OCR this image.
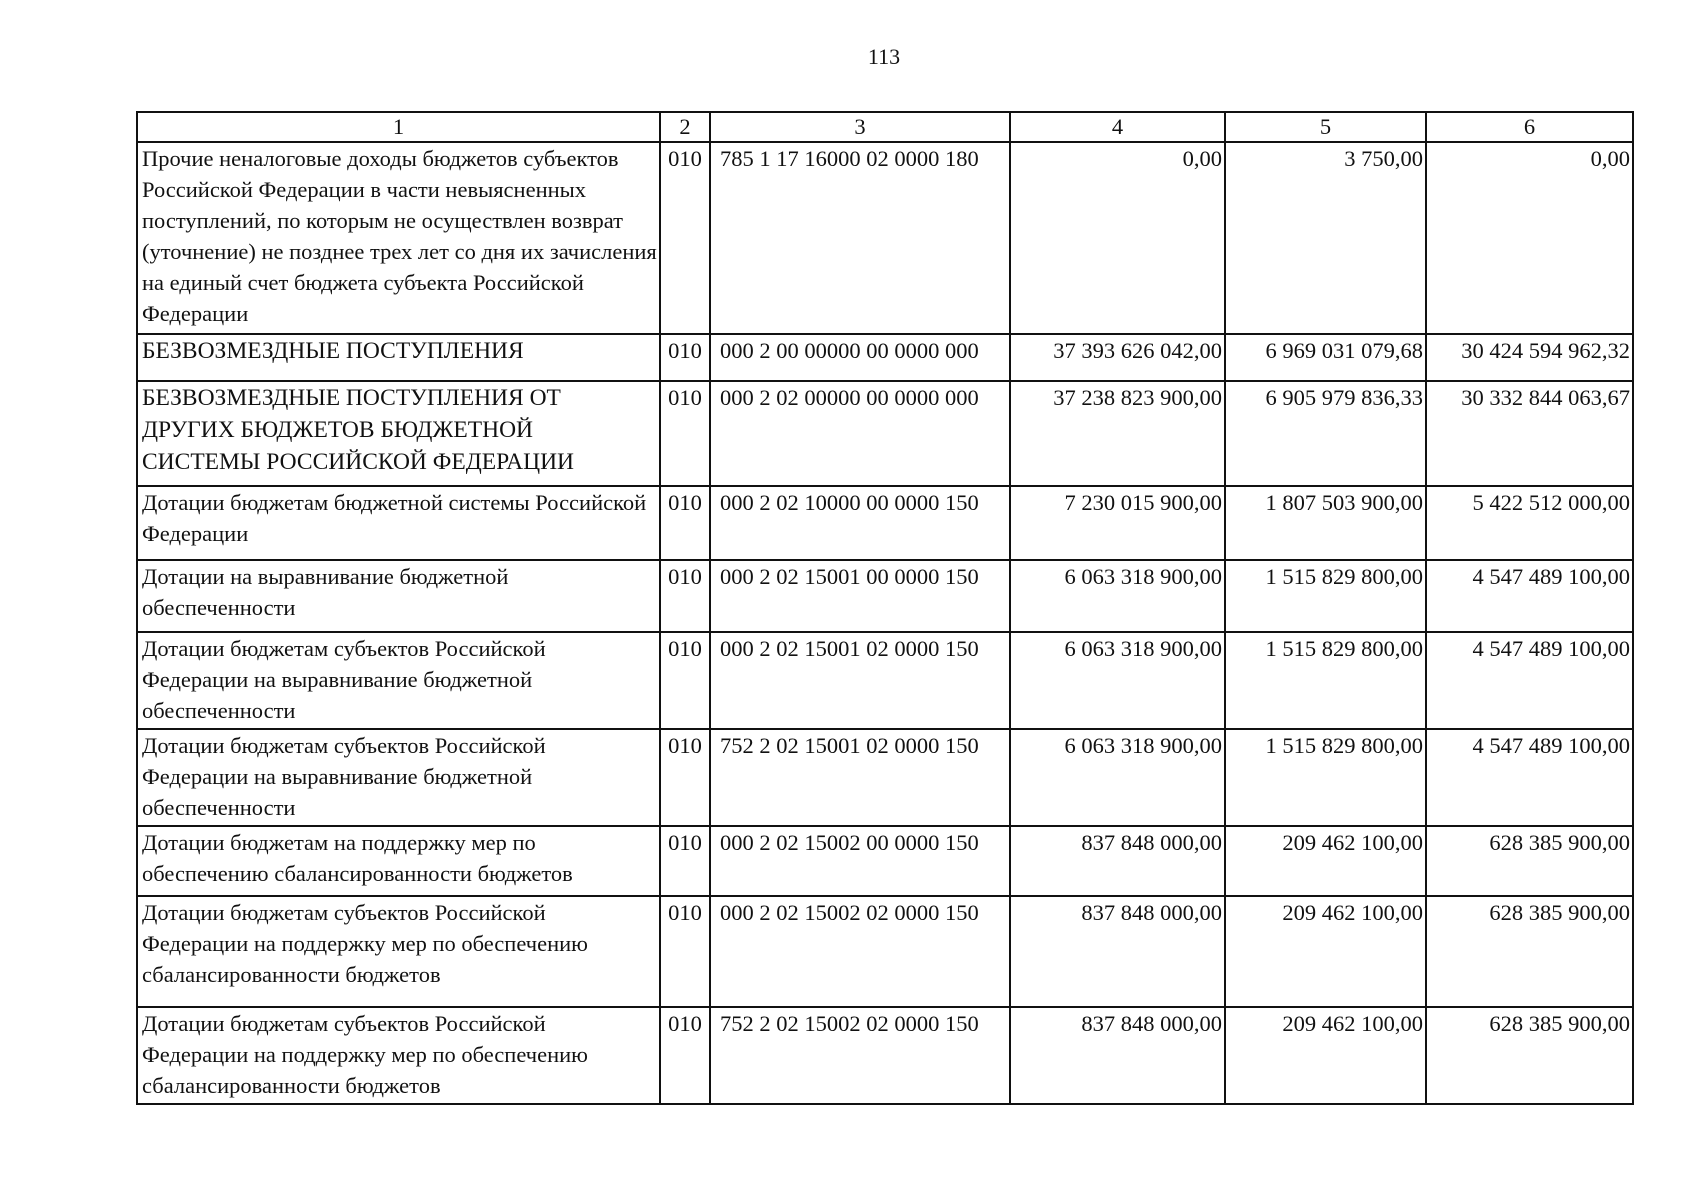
113
1	2	3	4	5	6
Прочие неналоговые доходы бюджетов субъектов Российской Федерации в части невыясненных поступлений, по которым не осуществлен возврат (уточнение) не позднее трех лет со дня их зачисления на единый счет бюджета субъекта Российской Федерации	010	785 1 17 16000 02 0000 180	0,00	3 750,00	0,00
БЕЗВОЗМЕЗДНЫЕ ПОСТУПЛЕНИЯ	010	000 2 00 00000 00 0000 000	37 393 626 042,00	6 969 031 079,68	30 424 594 962,32
БЕЗВОЗМЕЗДНЫЕ ПОСТУПЛЕНИЯ ОТ ДРУГИХ БЮДЖЕТОВ БЮДЖЕТНОЙ СИСТЕМЫ РОССИЙСКОЙ ФЕДЕРАЦИИ	010	000 2 02 00000 00 0000 000	37 238 823 900,00	6 905 979 836,33	30 332 844 063,67
Дотации бюджетам бюджетной системы Российской Федерации	010	000 2 02 10000 00 0000 150	7 230 015 900,00	1 807 503 900,00	5 422 512 000,00
Дотации на выравнивание бюджетной обеспеченности	010	000 2 02 15001 00 0000 150	6 063 318 900,00	1 515 829 800,00	4 547 489 100,00
Дотации бюджетам субъектов Российской Федерации на выравнивание бюджетной обеспеченности	010	000 2 02 15001 02 0000 150	6 063 318 900,00	1 515 829 800,00	4 547 489 100,00
Дотации бюджетам субъектов Российской Федерации на выравнивание бюджетной обеспеченности	010	752 2 02 15001 02 0000 150	6 063 318 900,00	1 515 829 800,00	4 547 489 100,00
Дотации бюджетам на поддержку мер по обеспечению сбалансированности бюджетов	010	000 2 02 15002 00 0000 150	837 848 000,00	209 462 100,00	628 385 900,00
Дотации бюджетам субъектов Российской Федерации на поддержку мер по обеспечению сбалансированности бюджетов	010	000 2 02 15002 02 0000 150	837 848 000,00	209 462 100,00	628 385 900,00
Дотации бюджетам субъектов Российской Федерации на поддержку мер по обеспечению сбалансированности бюджетов	010	752 2 02 15002 02 0000 150	837 848 000,00	209 462 100,00	628 385 900,00
